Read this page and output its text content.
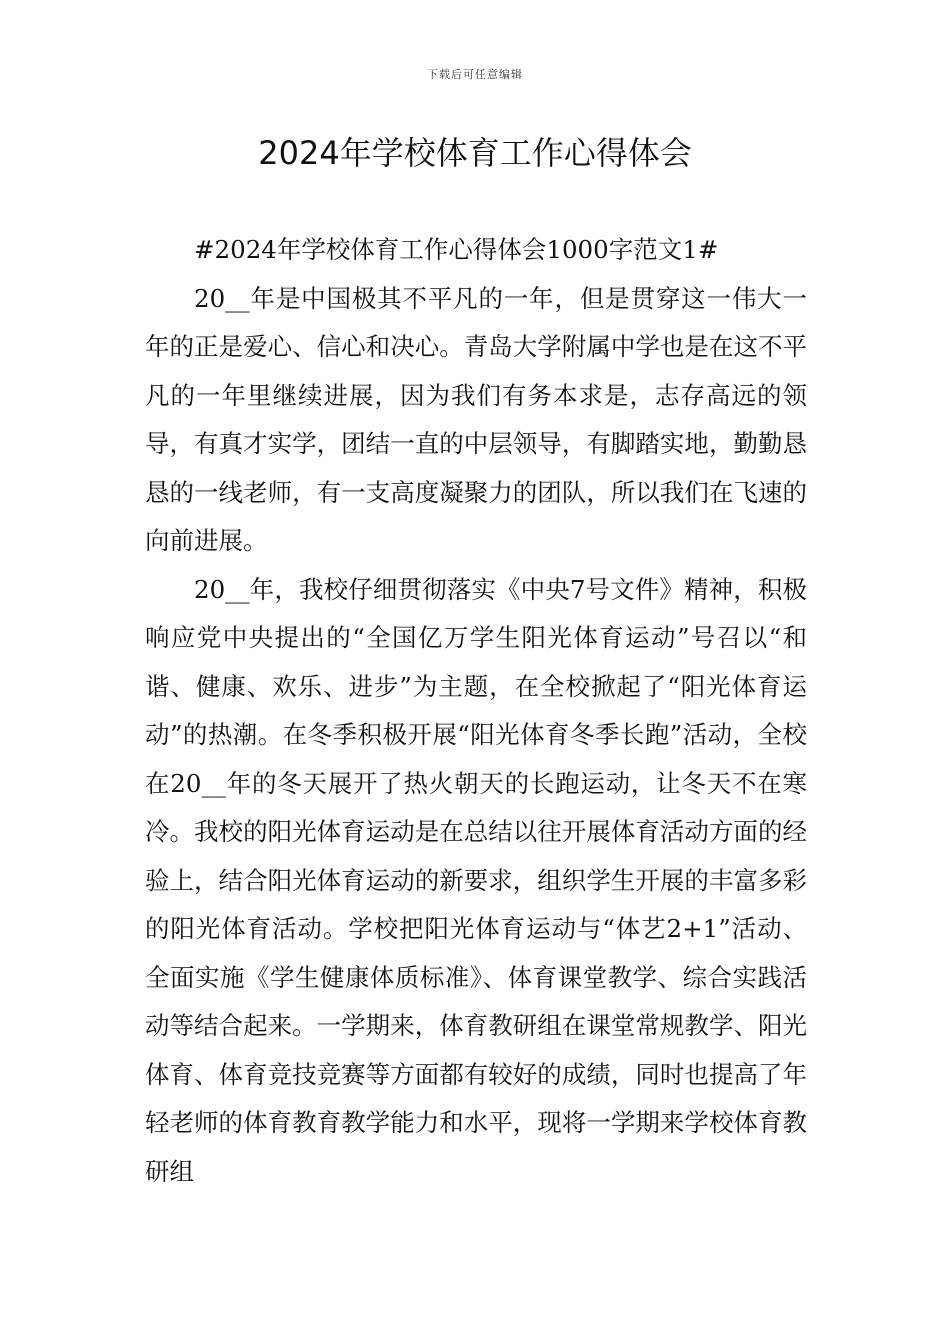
下载后可任意编辑
2024年学校体育工作心得体会

#2024年学校体育工作心得体会1000字范文1#

20__年是中国极其不平凡的一年，但是贯穿这一伟大一年的正是爱心、信心和决心。青岛大学附属中学也是在这不平凡的一年里继续进展，因为我们有务本求是，志存高远的领导，有真才实学，团结一直的中层领导，有脚踏实地，勤勤恳恳的一线老师，有一支高度凝聚力的团队，所以我们在飞速的向前进展。

20__年，我校仔细贯彻落实《中央7号文件》精神，积极响应党中央提出的“全国亿万学生阳光体育运动”号召以“和谐、健康、欢乐、进步”为主题，在全校掀起了“阳光体育运动”的热潮。在冬季积极开展“阳光体育冬季长跑”活动，全校在20__年的冬天展开了热火朝天的长跑运动，让冬天不在寒冷。我校的阳光体育运动是在总结以往开展体育活动方面的经验上，结合阳光体育运动的新要求，组织学生开展的丰富多彩的阳光体育活动。学校把阳光体育运动与“体艺2+1”活动、全面实施《学生健康体质标准》、体育课堂教学、综合实践活动等结合起来。一学期来，体育教研组在课堂常规教学、阳光体育、体育竞技竞赛等方面都有较好的成绩，同时也提高了年轻老师的体育教育教学能力和水平，现将一学期来学校体育教研组
